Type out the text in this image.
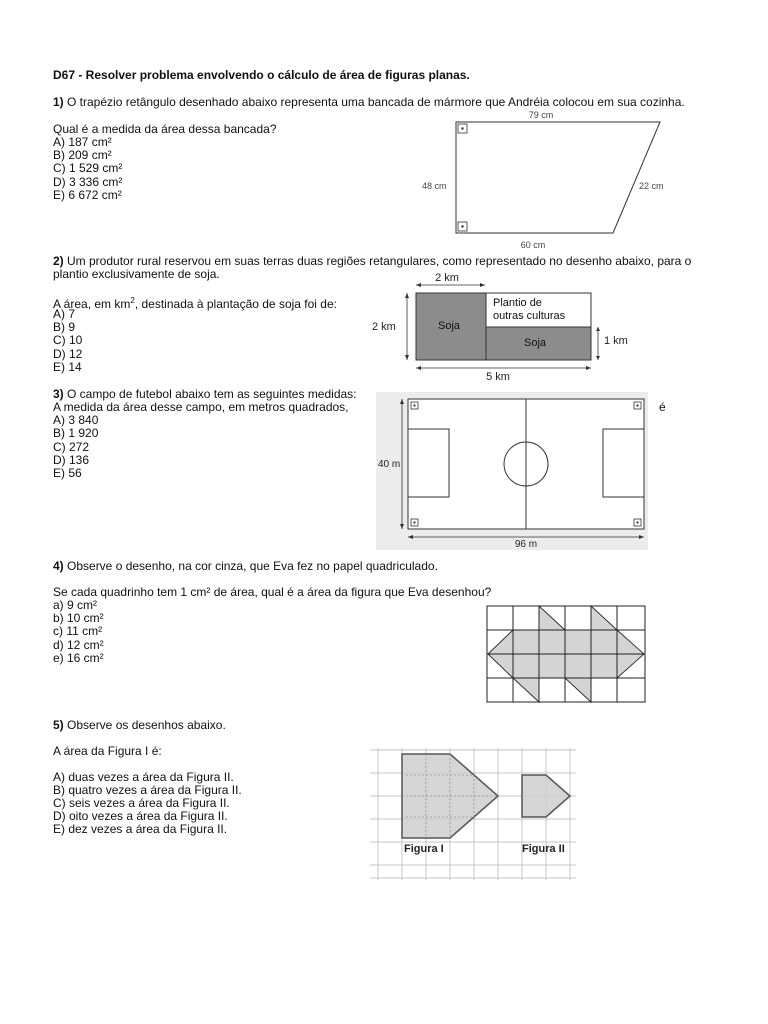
D67 - Resolver problema envolvendo o cálculo de área de figuras planas.
1) O trapézio retângulo desenhado abaixo representa uma bancada de mármore que Andréia colocou em sua cozinha.
Qual é a medida da área dessa bancada?
A) 187 cm²
B) 209 cm²
C) 1 529 cm²
D) 3 336 cm²
E) 6 672 cm²
79 cm
48 cm	22 cm
60 cm
2) Um produtor rural reservou em suas terras duas regiões retangulares, como representado no desenho abaixo, para o
plantio exclusivamente de soja.
A área, em $km^2$, destinada à plantação de soja foi de:
A) 7
B) 9
C) 10
D) 12
E) 14
2 km
Soja
Plantio de
outras culturas
Soja
2 km
1 km
5 km
3) O campo de futebol abaixo tem as seguintes medidas:
A medida da área desse campo, em metros quadrados,	é
A) 3 840
B) 1 920
C) 272
D) 136
E) 56
40 m
96 m
4) Observe o desenho, na cor cinza, que Eva fez no papel quadriculado.
Se cada quadrinho tem 1 cm² de área, qual é a área da figura que Eva desenhou?
a) 9 cm²
b) 10 cm²
c) 11 cm²
d) 12 cm²
e) 16 cm²
5) Observe os desenhos abaixo.
A área da Figura I é:
A) duas vezes a área da Figura II.
B) quatro vezes a área da Figura II.
C) seis vezes a área da Figura II.
D) oito vezes a área da Figura II.
E) dez vezes a área da Figura II.
Figura I	Figura II
